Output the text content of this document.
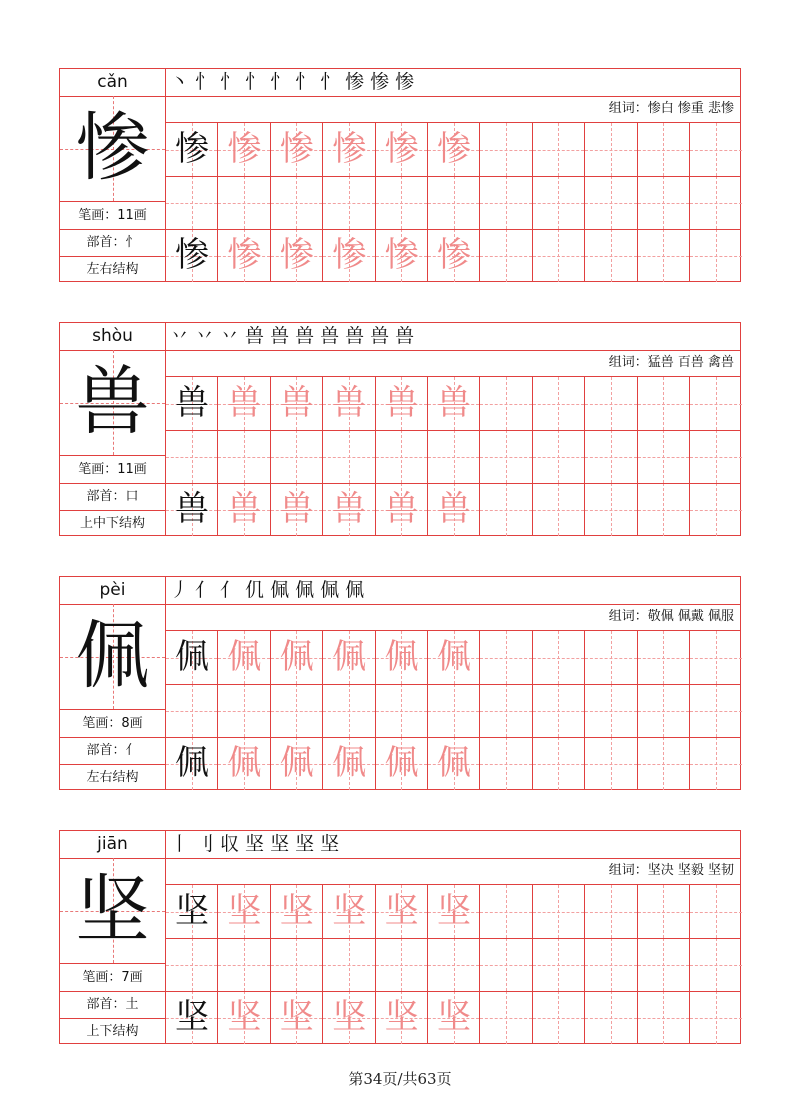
cǎn
惨
笔画：11画
部首：忄
左右结构
丶 忄 忄 忄 忄 忄 忄 惨 惨 惨
组词：惨白 惨重 悲惨
惨 惨 惨 惨 惨 惨
惨 惨 惨 惨 惨 惨
shòu
兽
笔画：11画
部首：口
上中下结构
丷 丷 丷 兽 兽 兽 兽 兽 兽 兽
组词：猛兽 百兽 禽兽
兽 兽 兽 兽 兽 兽
兽 兽 兽 兽 兽 兽
pèi
佩
笔画：8画
部首：亻
左右结构
丿 亻 亻 仉 佩 佩 佩 佩
组词：敬佩 佩戴 佩服
佩 佩 佩 佩 佩 佩
佩 佩 佩 佩 佩 佩
jiān
坚
笔画：7画
部首：土
上下结构
丨 刂 収 坚 坚 坚 坚
组词：坚决 坚毅 坚韧
坚 坚 坚 坚 坚 坚
坚 坚 坚 坚 坚 坚
第34页/共63页
